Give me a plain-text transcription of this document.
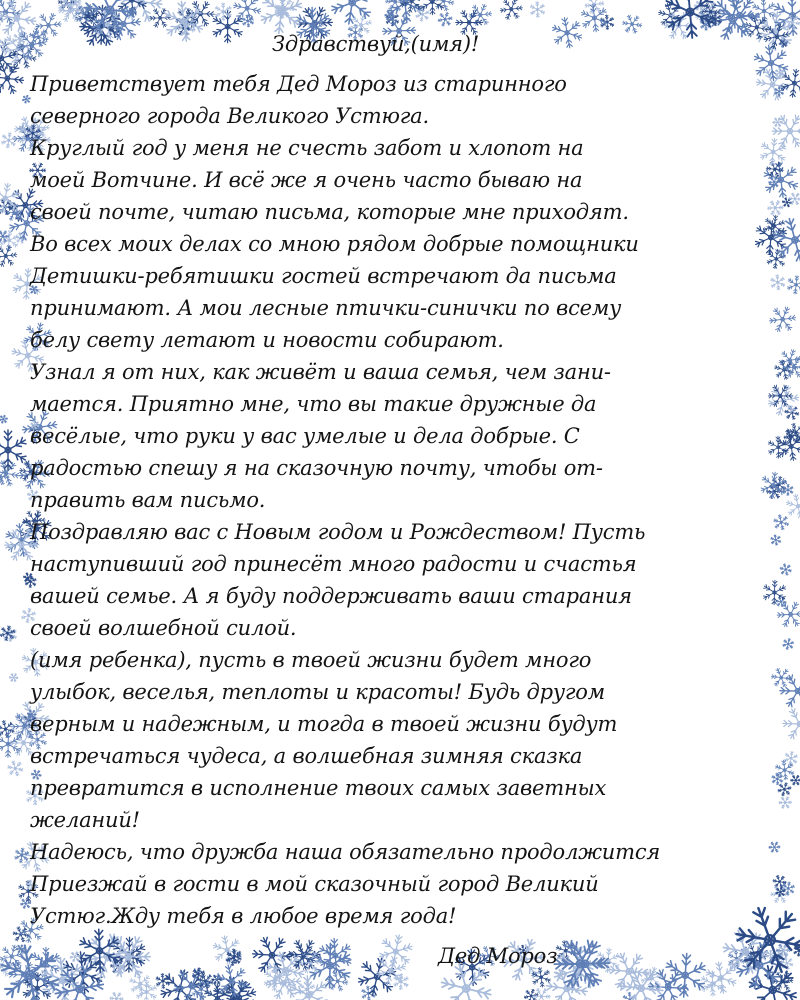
Здравствуй,(имя)!
Приветствует тебя Дед Мороз из старинного
северного города Великого Устюга.
Круглый год у меня не счесть забот и хлопот на
моей Вотчине. И всё же я очень часто бываю на
своей почте, читаю письма, которые мне приходят.
Во всех моих делах со мною рядом добрые помощники
Детишки-ребятишки гостей встречают да письма
принимают. А мои лесные птички-синички по всему
белу свету летают и новости собирают.
Узнал я от них, как живёт и ваша семья, чем зани-
мается. Приятно мне, что вы такие дружные да
весёлые, что руки у вас умелые и дела добрые. С
радостью спешу я на сказочную почту, чтобы от-
править вам письмо.
Поздравляю вас с Новым годом и Рождеством! Пусть
наступивший год принесёт много радости и счастья
вашей семье. А я буду поддерживать ваши старания
своей волшебной силой.
(имя ребенка), пусть в твоей жизни будет много
улыбок, веселья, теплоты и красоты! Будь другом
верным и надежным, и тогда в твоей жизни будут
встречаться чудеса, а волшебная зимняя сказка
превратится в исполнение твоих самых заветных
желаний!
Надеюсь, что дружба наша обязательно продолжится
Приезжай в гости в мой сказочный город Великий
Устюг.Жду тебя в любое время года!
Дед Мороз
